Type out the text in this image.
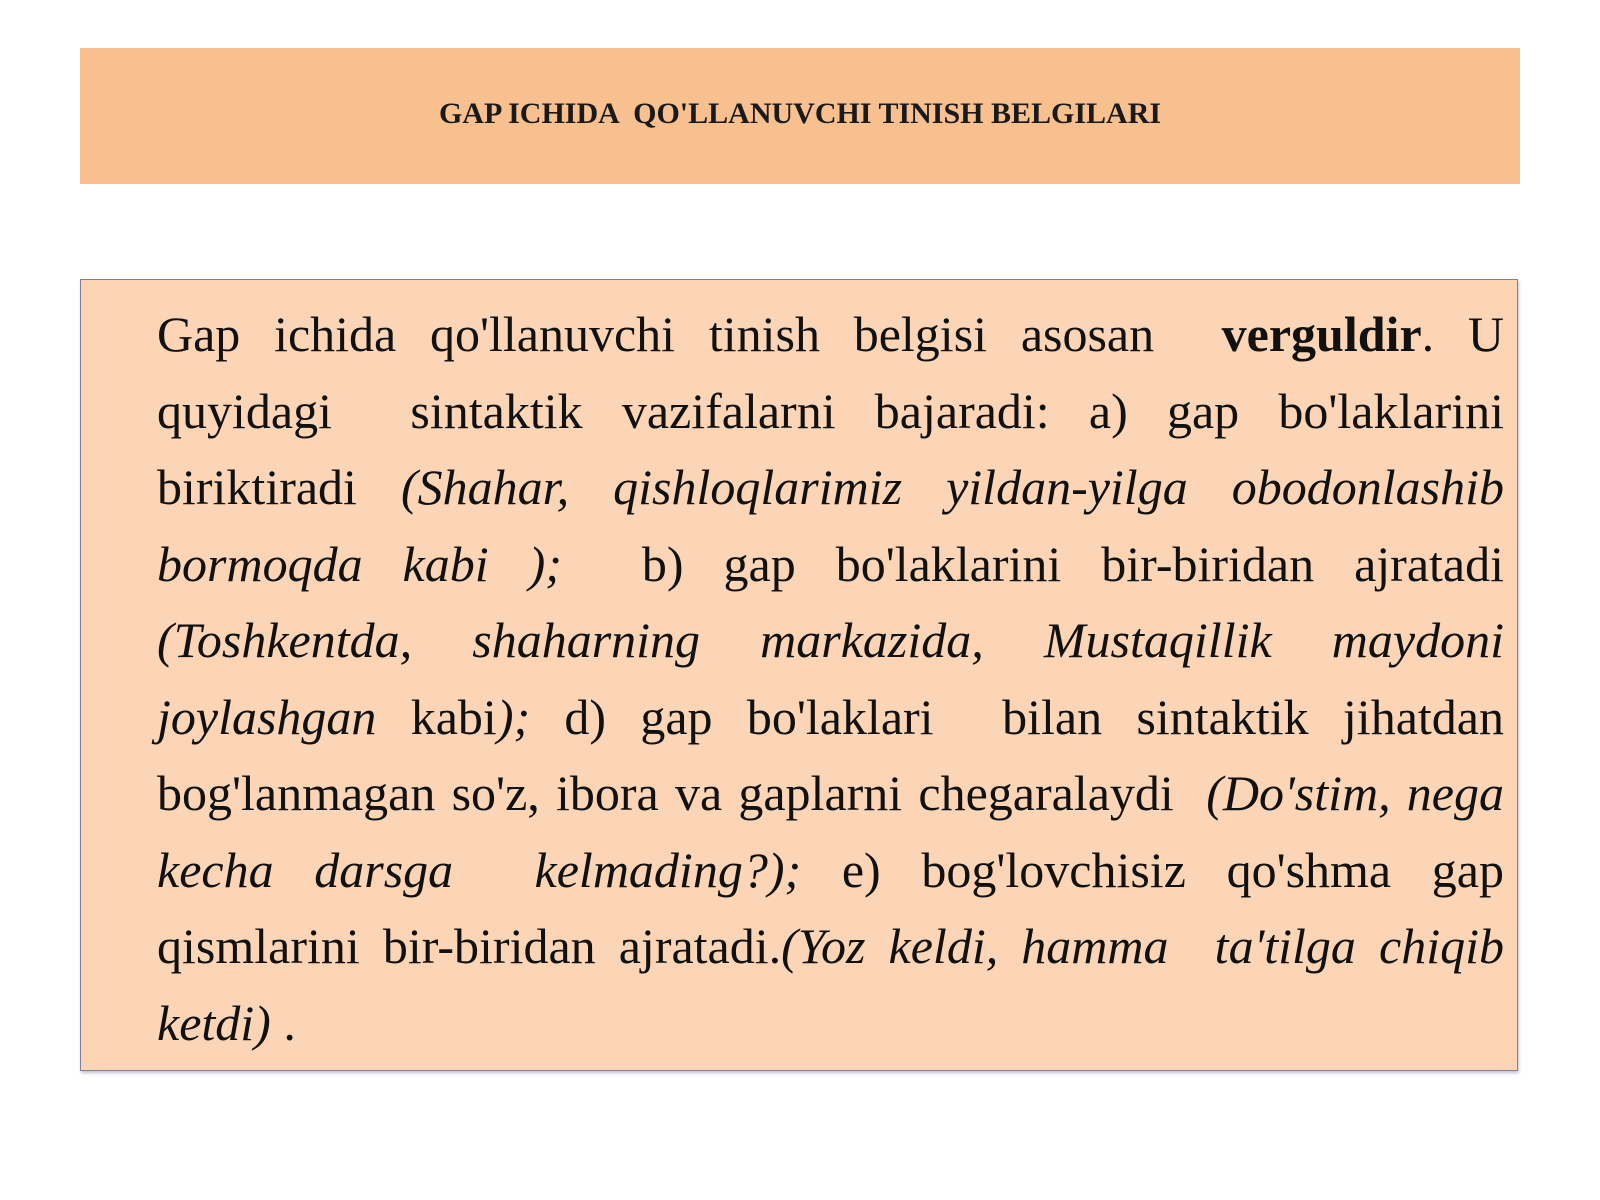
GAP ICHIDA  QO'LLANUVCHI TINISH BELGILARI

Gap ichida qo'llanuvchi tinish belgisi asosan  verguldir. U quyidagi  sintaktik vazifalarni bajaradi: a) gap bo'laklarini biriktiradi (Shahar, qishloqlarimiz yildan-yilga obodonlashib bormoqda kabi );  b) gap bo'laklarini bir-biridan ajratadi (Toshkentda, shaharning markazida, Mustaqillik maydoni joylashgan kabi); d) gap bo'laklari  bilan sintaktik jihatdan bog'lanmagan so'z, ibora va gaplarni chegaralaydi  (Do'stim, nega kecha darsga  kelmading?); e) bog'lovchisiz qo'shma gap qismlarini bir-biridan ajratadi.(Yoz keldi, hamma  ta'tilga chiqib ketdi) .
